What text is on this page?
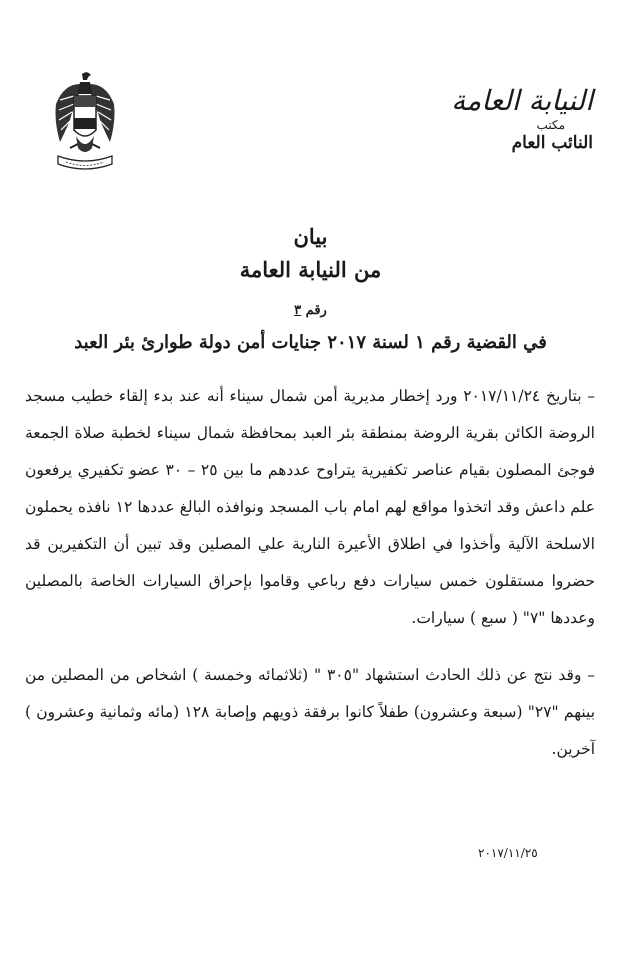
النيابة العامة
مكتب
النائب العام
بيان
من النيابة العامة
رقم ٣
في القضية رقم ١ لسنة ٢٠١٧ جنايات أمن دولة طوارئ بئر العبد

– بتاريخ ٢٠١٧/١١/٢٤ ورد إخطار مديرية أمن شمال سيناء أنه عند بدء إلقاء خطيب مسجد الروضة الكائن بقرية الروضة بمنطقة بئر العبد بمحافظة شمال سيناء لخطبة صلاة الجمعة فوجئ المصلون بقيام عناصر تكفيرية يتراوح عددهم ما بين ٢٥ – ٣٠ عضو تكفيري يرفعون علم داعش وقد اتخذوا مواقع لهم امام باب المسجد ونوافذه البالغ عددها ١٢ نافذه يحملون الاسلحة الآلية وأخذوا في اطلاق الأعيرة النارية علي المصلين وقد تبين أن التكفيرين قد حضروا مستقلون خمس سيارات دفع رباعي وقاموا بإحراق السيارات الخاصة بالمصلين وعددها "٧" ( سبع ) سيارات.

– وقد نتج عن ذلك الحادث استشهاد "٣٠٥ " (ثلاثمائه وخمسة ) اشخاص من المصلين من بينهم "٢٧" (سبعة وعشرون) طفلاً كانوا برفقة ذويهم وإصابة ١٢٨ (مائه وثمانية وعشرون ) آخرين.

٢٠١٧/١١/٢٥
